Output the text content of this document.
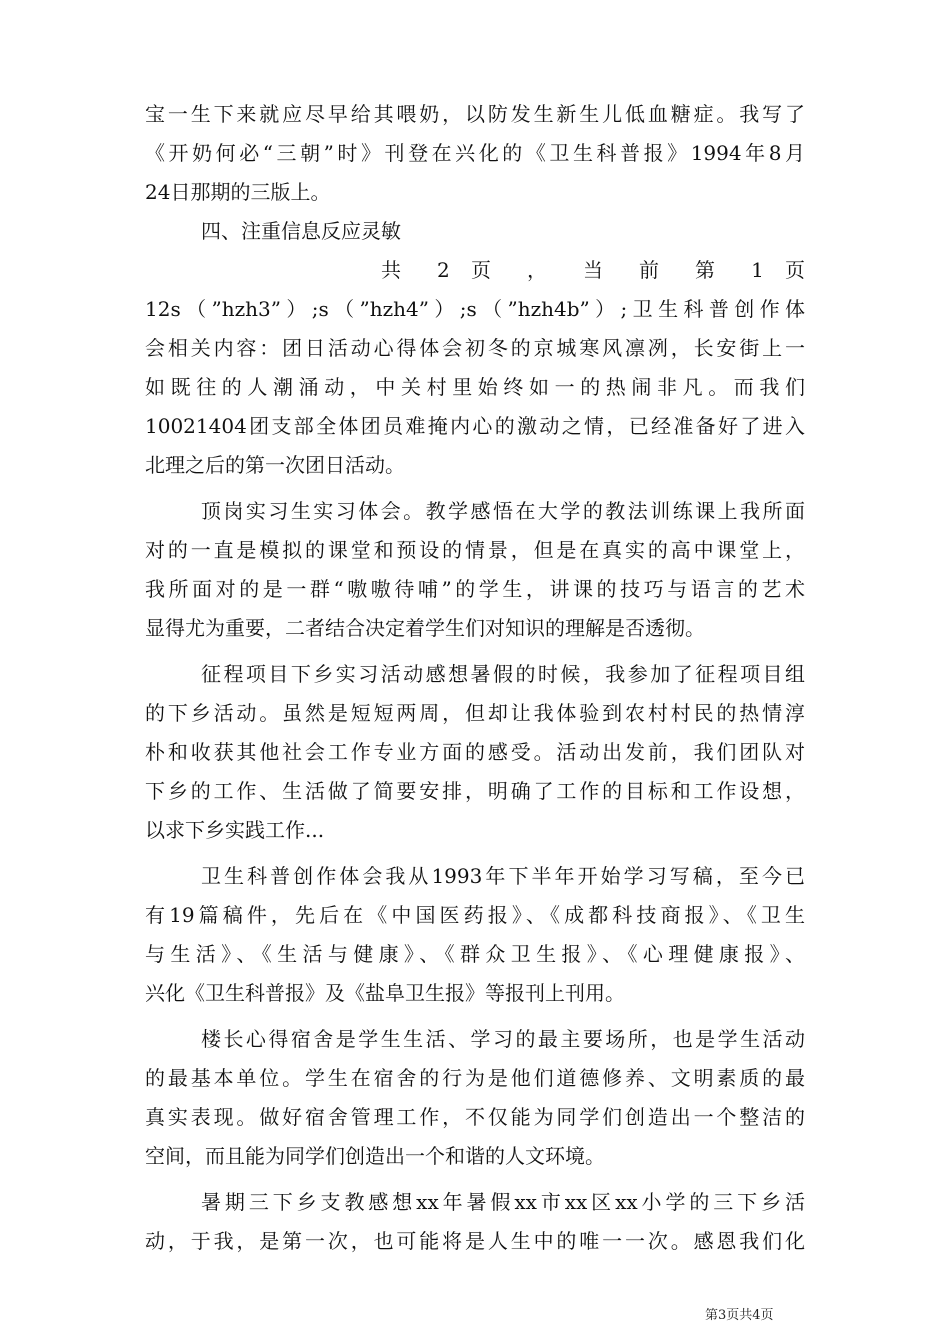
宝一生下来就应尽早给其喂奶，以防发生新生儿低血糖症。我写了
《开奶何必“三朝”时》刊登在兴化的《卫生科普报》1994年8月
24日那期的三版上。
四、注重信息反应灵敏
共 2 页 ， 当 前 第 1 页
12s（”hzh3”）;s（”hzh4”）;s（”hzh4b”）;卫生科普创作体
会相关内容：团日活动心得体会初冬的京城寒风凛冽，长安街上一
如既往的人潮涌动，中关村里始终如一的热闹非凡。而我们
10021404团支部全体团员难掩内心的激动之情，已经准备好了进入
北理之后的第一次团日活动。
顶岗实习生实习体会。教学感悟在大学的教法训练课上我所面
对的一直是模拟的课堂和预设的情景，但是在真实的高中课堂上，
我所面对的是一群“嗷嗷待哺”的学生，讲课的技巧与语言的艺术
显得尤为重要，二者结合决定着学生们对知识的理解是否透彻。
征程项目下乡实习活动感想暑假的时候，我参加了征程项目组
的下乡活动。虽然是短短两周，但却让我体验到农村村民的热情淳
朴和收获其他社会工作专业方面的感受。活动出发前，我们团队对
下乡的工作、生活做了简要安排，明确了工作的目标和工作设想，
以求下乡实践工作...
卫生科普创作体会我从1993年下半年开始学习写稿，至今已
有19篇稿件，先后在《中国医药报》、《成都科技商报》、《卫生
与生活》、《生活与健康》、《群众卫生报》、《心理健康报》、
兴化《卫生科普报》及《盐阜卫生报》等报刊上刊用。
楼长心得宿舍是学生生活、学习的最主要场所，也是学生活动
的最基本单位。学生在宿舍的行为是他们道德修养、文明素质的最
真实表现。做好宿舍管理工作，不仅能为同学们创造出一个整洁的
空间，而且能为同学们创造出一个和谐的人文环境。
暑期三下乡支教感想xx年暑假xx市xx区xx小学的三下乡活
动，于我，是第一次，也可能将是人生中的唯一一次。感恩我们化
第3页共4页
